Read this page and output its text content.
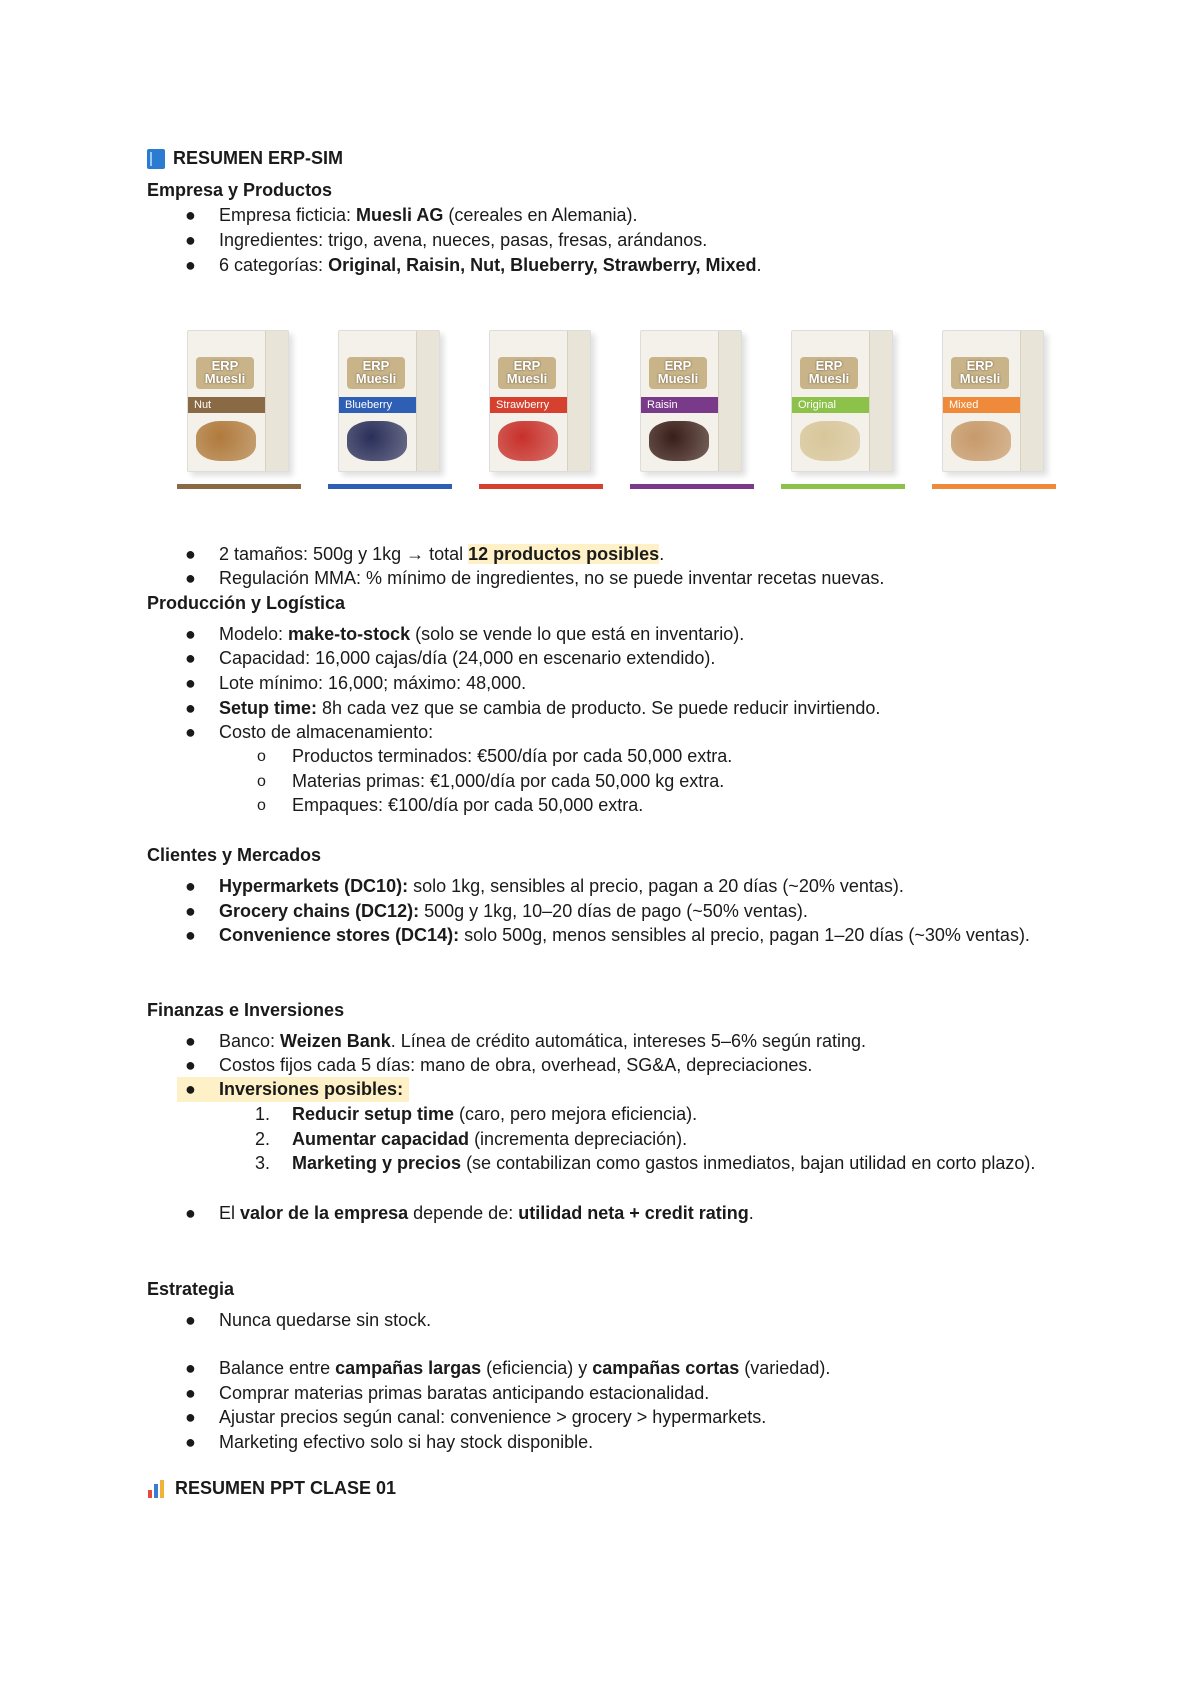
RESUMEN ERP-SIM
Empresa y Productos
ERP Muesli
Nut
ERP Muesli
Blueberry
ERP Muesli
Strawberry
ERP Muesli
Raisin
ERP Muesli
Original
ERP Muesli
Mixed
Producción y Logística
Clientes y Mercados
Finanzas e Inversiones
Estrategia
RESUMEN PPT CLASE 01
● Empresa ficticia: Muesli AG (cereales en Alemania).
● Ingredientes: trigo, avena, nueces, pasas, fresas, arándanos.
● 6 categorías: Original, Raisin, Nut, Blueberry, Strawberry, Mixed.
● 2 tamaños: 500g y 1kg → total 12 productos posibles.
● Regulación MMA: % mínimo de ingredientes, no se puede inventar recetas nuevas.
● Modelo: make-to-stock (solo se vende lo que está en inventario).
● Capacidad: 16,000 cajas/día (24,000 en escenario extendido).
● Lote mínimo: 16,000; máximo: 48,000.
● Setup time: 8h cada vez que se cambia de producto. Se puede reducir invirtiendo.
● Costo de almacenamiento:
o Productos terminados: €500/día por cada 50,000 extra.
o Materias primas: €1,000/día por cada 50,000 kg extra.
o Empaques: €100/día por cada 50,000 extra.
● Hypermarkets (DC10): solo 1kg, sensibles al precio, pagan a 20 días (~20% ventas).
● Grocery chains (DC12): 500g y 1kg, 10–20 días de pago (~50% ventas).
● Convenience stores (DC14): solo 500g, menos sensibles al precio, pagan 1–20 días (~30% ventas).
● Banco: Weizen Bank. Línea de crédito automática, intereses 5–6% según rating.
● Costos fijos cada 5 días: mano de obra, overhead, SG&A, depreciaciones.
● Inversiones posibles:
1. Reducir setup time (caro, pero mejora eficiencia).
2. Aumentar capacidad (incrementa depreciación).
3. Marketing y precios (se contabilizan como gastos inmediatos, bajan utilidad en corto plazo).
● El valor de la empresa depende de: utilidad neta + credit rating.
● Nunca quedarse sin stock.
● Balance entre campañas largas (eficiencia) y campañas cortas (variedad).
● Comprar materias primas baratas anticipando estacionalidad.
● Ajustar precios según canal: convenience > grocery > hypermarkets.
● Marketing efectivo solo si hay stock disponible.
